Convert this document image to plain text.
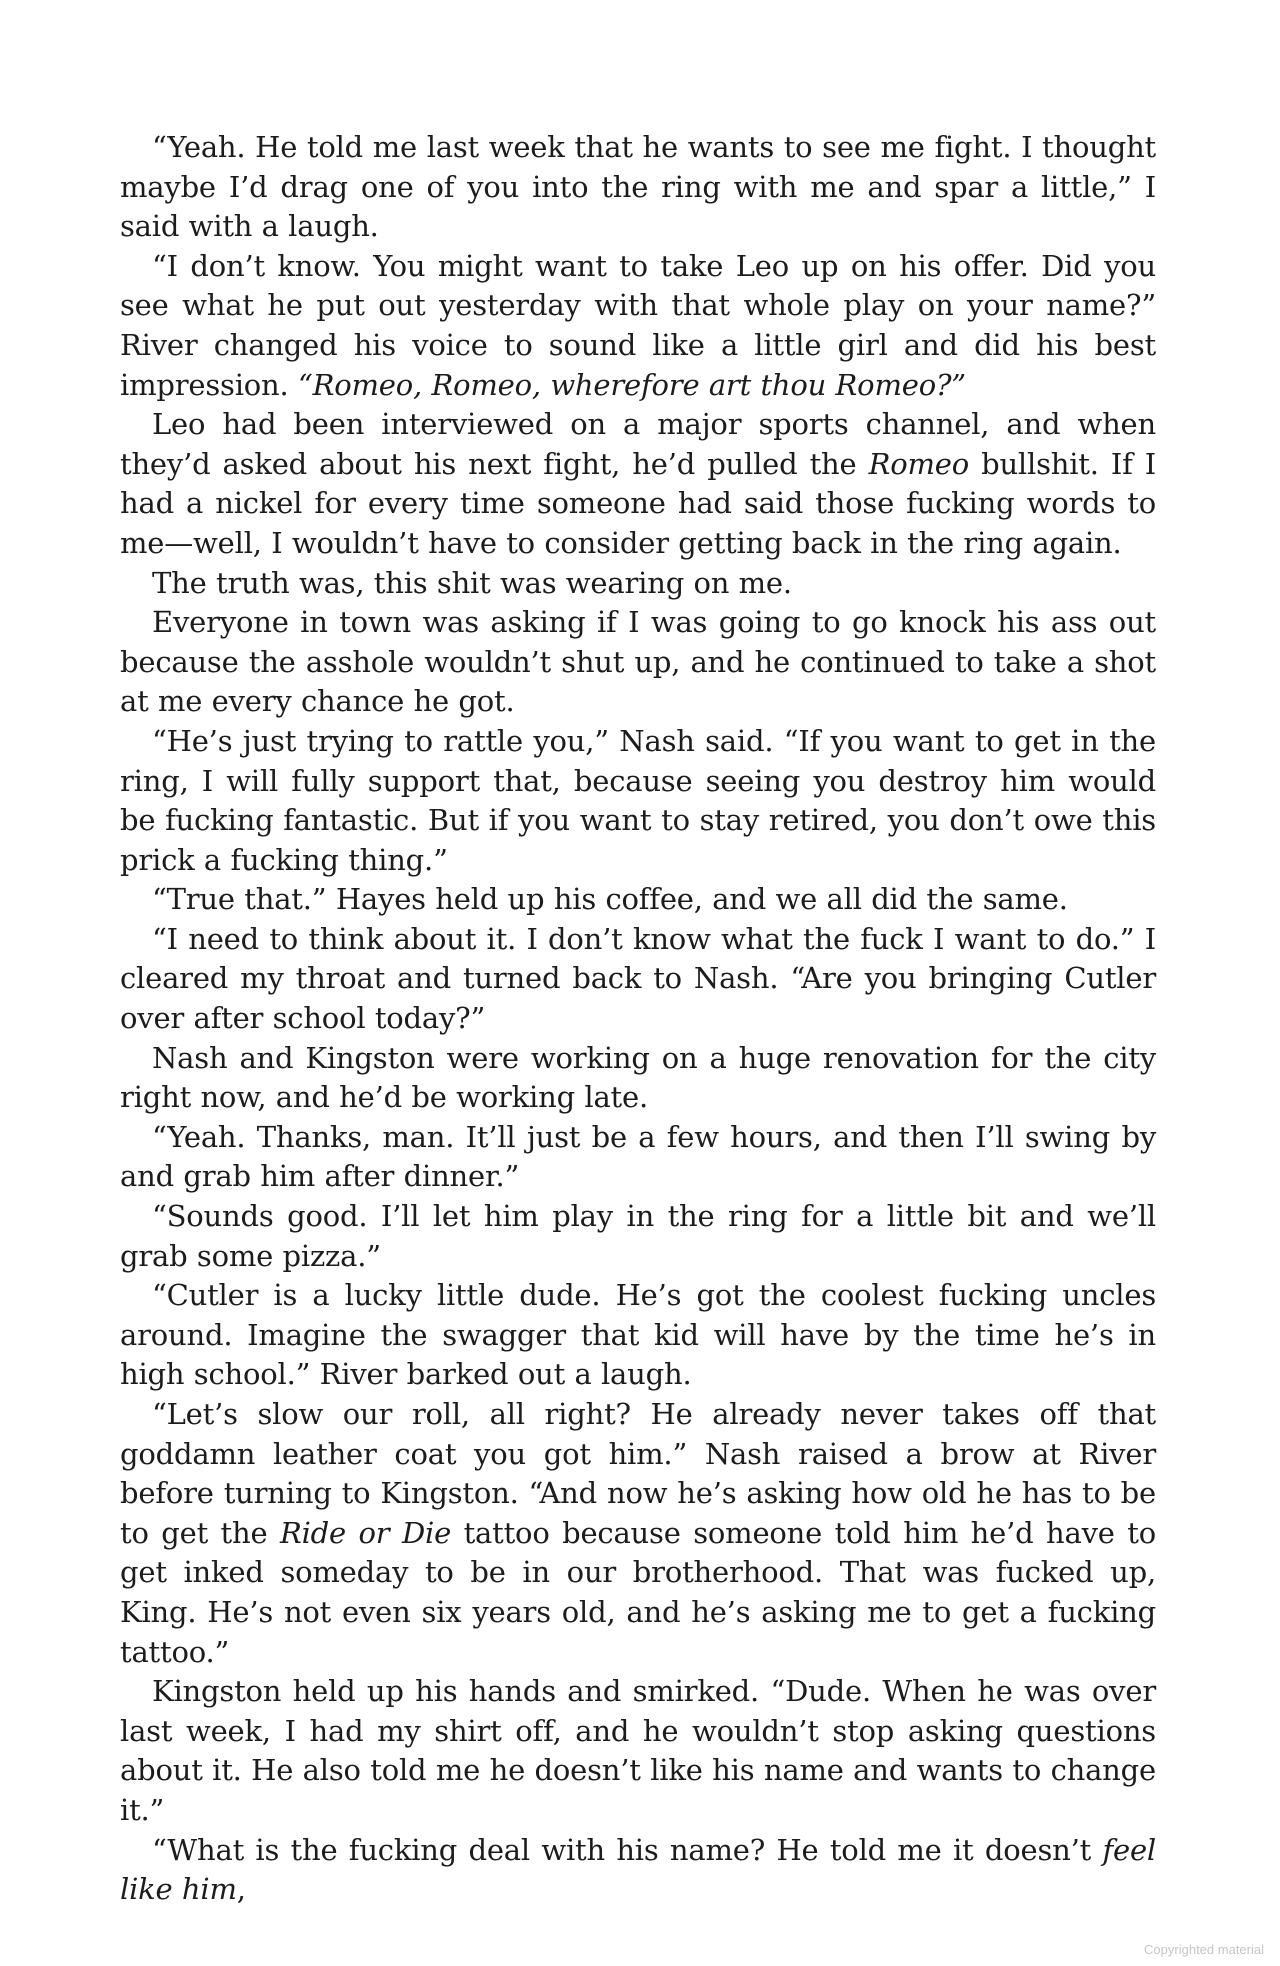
“Yeah. He told me last week that he wants to see me fight. I thought maybe I’d drag one of you into the ring with me and spar a little,” I said with a laugh.

“I don’t know. You might want to take Leo up on his offer. Did you see what he put out yesterday with that whole play on your name?” River changed his voice to sound like a little girl and did his best impression. “Romeo, Romeo, wherefore art thou Romeo?”

Leo had been interviewed on a major sports channel, and when they’d asked about his next fight, he’d pulled the Romeo bullshit. If I had a nickel for every time someone had said those fucking words to me—well, I wouldn’t have to consider getting back in the ring again.

The truth was, this shit was wearing on me.

Everyone in town was asking if I was going to go knock his ass out because the asshole wouldn’t shut up, and he continued to take a shot at me every chance he got.

“He’s just trying to rattle you,” Nash said. “If you want to get in the ring, I will fully support that, because seeing you destroy him would be fucking fantastic. But if you want to stay retired, you don’t owe this prick a fucking thing.”

“True that.” Hayes held up his coffee, and we all did the same.

“I need to think about it. I don’t know what the fuck I want to do.” I cleared my throat and turned back to Nash. “Are you bringing Cutler over after school today?”

Nash and Kingston were working on a huge renovation for the city right now, and he’d be working late.

“Yeah. Thanks, man. It’ll just be a few hours, and then I’ll swing by and grab him after dinner.”

“Sounds good. I’ll let him play in the ring for a little bit and we’ll grab some pizza.”

“Cutler is a lucky little dude. He’s got the coolest fucking uncles around. Imagine the swagger that kid will have by the time he’s in high school.” River barked out a laugh.

“Let’s slow our roll, all right? He already never takes off that goddamn leather coat you got him.” Nash raised a brow at River before turning to Kingston. “And now he’s asking how old he has to be to get the Ride or Die tattoo because someone told him he’d have to get inked someday to be in our brotherhood. That was fucked up, King. He’s not even six years old, and he’s asking me to get a fucking tattoo.”

Kingston held up his hands and smirked. “Dude. When he was over last week, I had my shirt off, and he wouldn’t stop asking questions about it. He also told me he doesn’t like his name and wants to change it.”

“What is the fucking deal with his name? He told me it doesn’t feel like him,

Copyrighted material
